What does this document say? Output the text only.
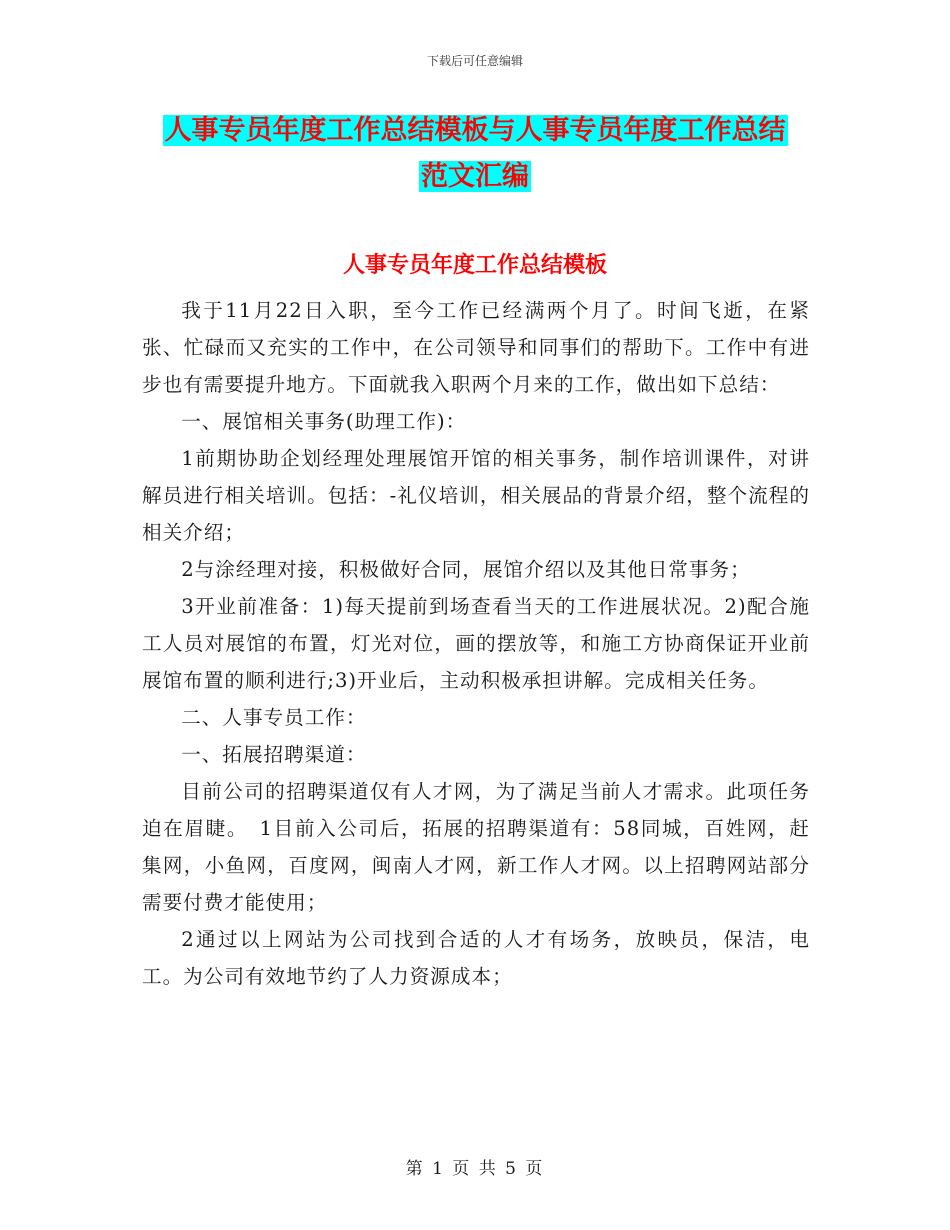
下载后可任意编辑
人事专员年度工作总结模板与人事专员年度工作总结
范文汇编
人事专员年度工作总结模板

我于11月22日入职，至今工作已经满两个月了。时间飞逝，在紧张、忙碌而又充实的工作中，在公司领导和同事们的帮助下。工作中有进步也有需要提升地方。下面就我入职两个月来的工作，做出如下总结：

一、展馆相关事务(助理工作)：

1前期协助企划经理处理展馆开馆的相关事务，制作培训课件，对讲解员进行相关培训。包括：-礼仪培训，相关展品的背景介绍，整个流程的相关介绍；

2与涂经理对接，积极做好合同，展馆介绍以及其他日常事务；

3开业前准备：1)每天提前到场查看当天的工作进展状况。2)配合施工人员对展馆的布置，灯光对位，画的摆放等，和施工方协商保证开业前展馆布置的顺利进行;3)开业后，主动积极承担讲解。完成相关任务。

二、人事专员工作：

一、拓展招聘渠道：

目前公司的招聘渠道仅有人才网，为了满足当前人才需求。此项任务迫在眉睫。　1目前入公司后，拓展的招聘渠道有：58同城，百姓网，赶集网，小鱼网，百度网，闽南人才网，新工作人才网。以上招聘网站部分需要付费才能使用；

2通过以上网站为公司找到合适的人才有场务，放映员，保洁，电工。为公司有效地节约了人力资源成本；

第 1 页 共 5 页
